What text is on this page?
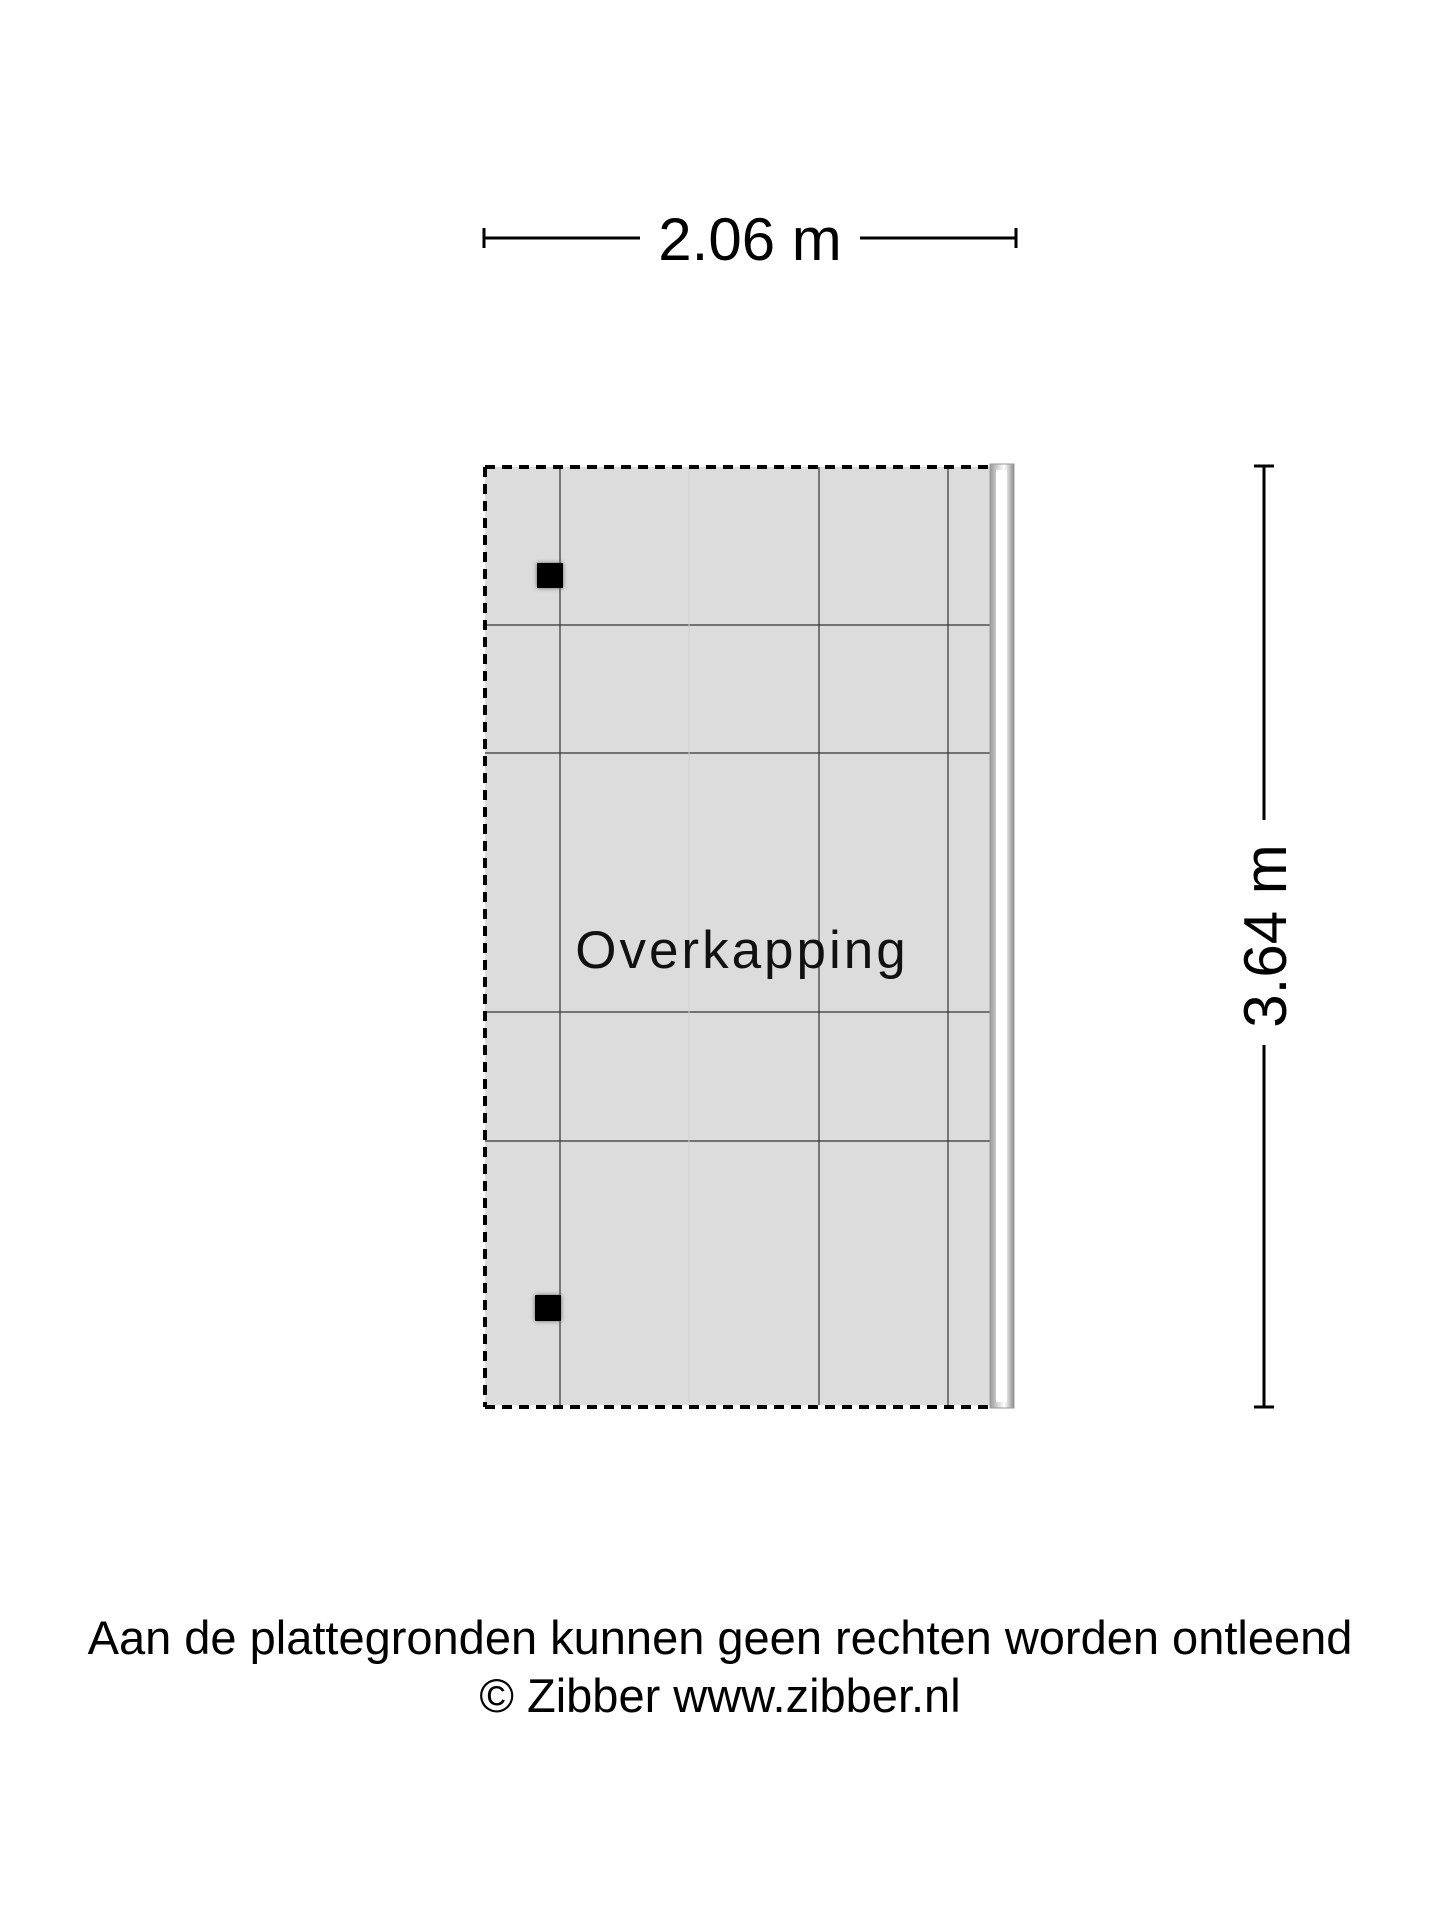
2.06 m
3.64 m
Overkapping
Aan de plattegronden kunnen geen rechten worden ontleend
© Zibber www.zibber.nl
